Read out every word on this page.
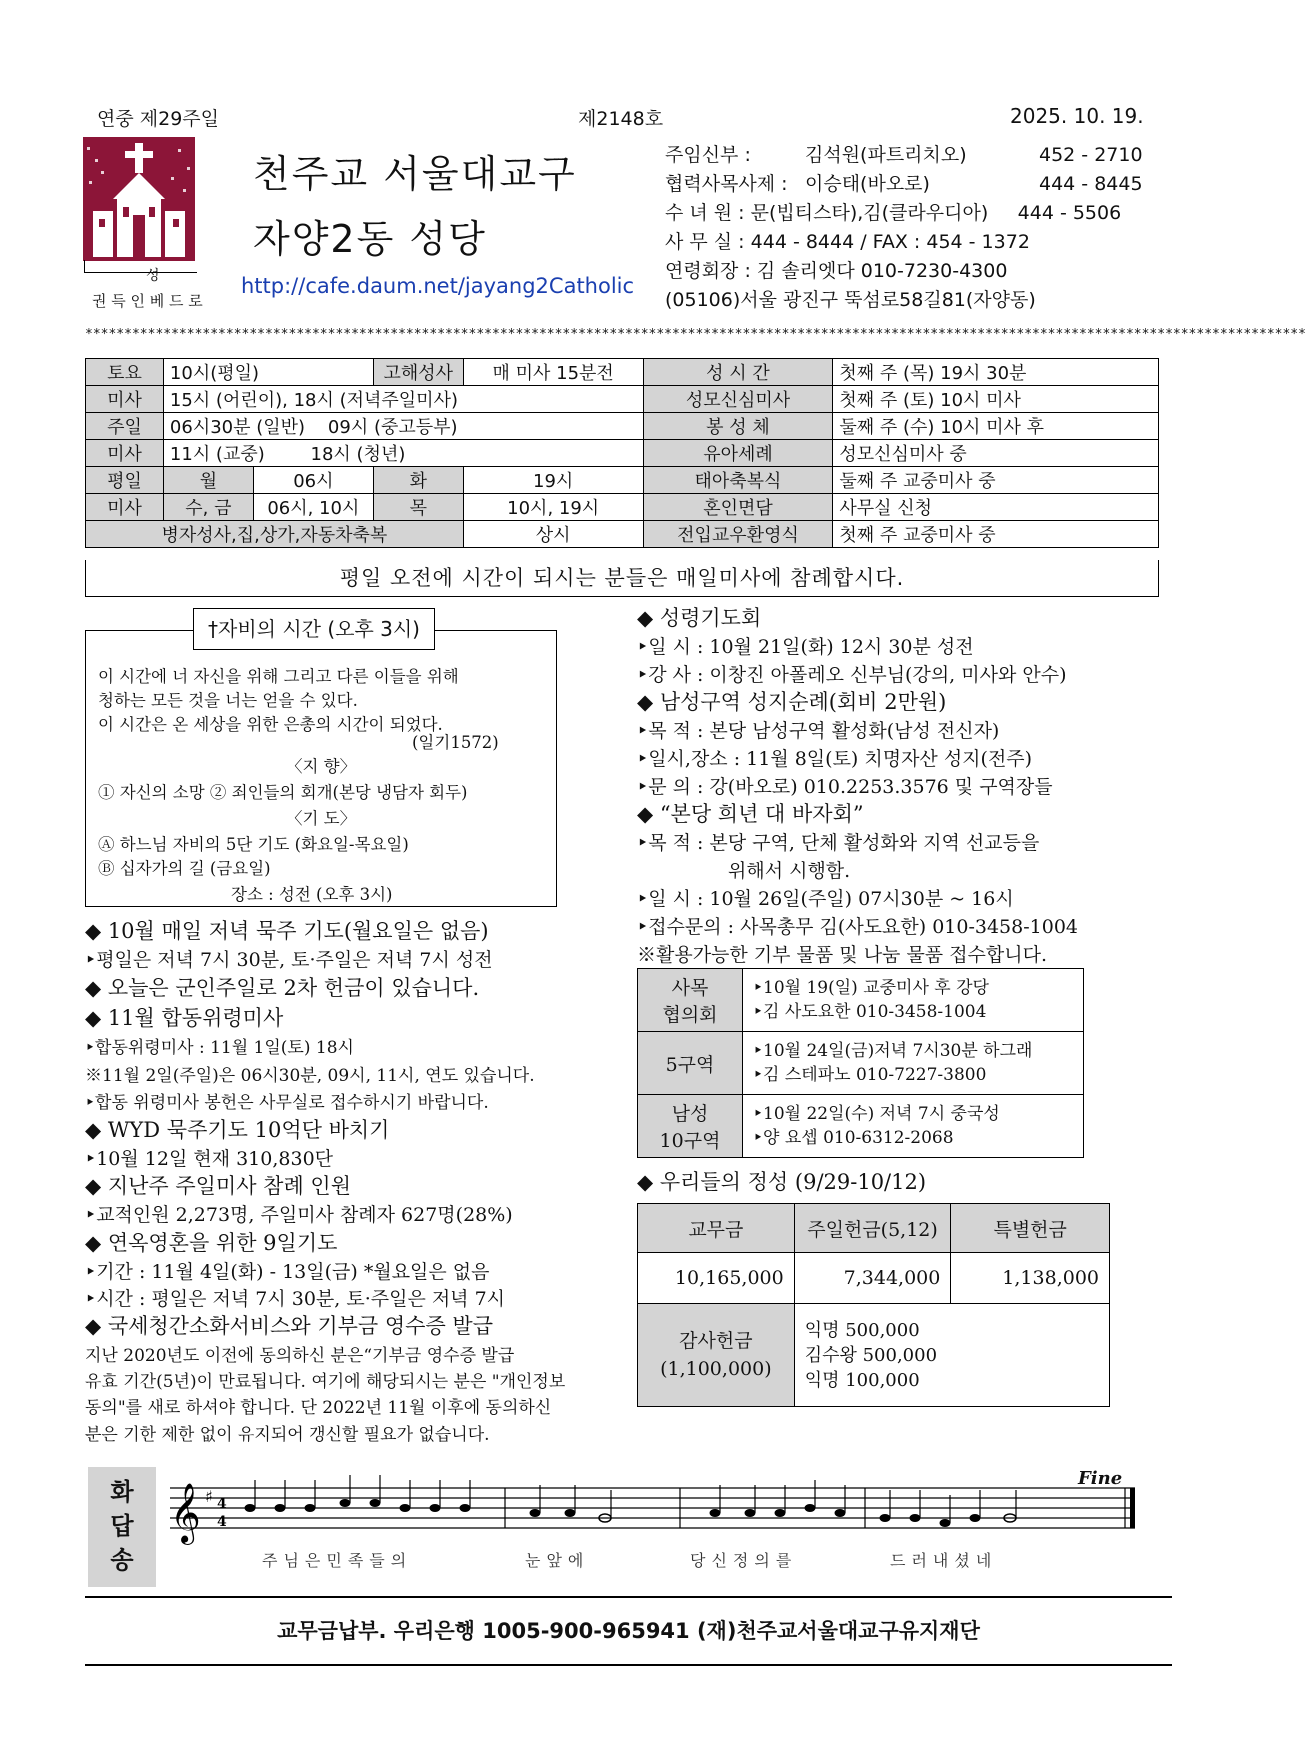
연중 제29주일	제2148호	2025. 10. 19.
성
권 득 인 베 드 로
천주교 서울대교구
자양2동 성당
http://cafe.daum.net/jayang2Catholic
주임신부 :	김석원(파트리치오)	452 - 2710
협력사목사제 : 이승태(바오로)	444 - 8445
수 녀 원 : 문(빕티스타),김(클라우디아) 444 - 5506
사 무 실 : 444 - 8444 / FAX : 454 - 1372
연령회장 : 김 솔리엣다 010-7230-4300
(05106)서울 광진구 뚝섬로58길81(자양동)
************************************************************************************************************************************************************
토요	10시(평일)		고해성사	매 미사 15분전	성 시 간	첫째 주 (목) 19시 30분
미사	15시 (어린이), 18시 (저녁주일미사)				성모신심미사	첫째 주 (토) 10시 미사
주일	06시30분 (일반)    09시 (중고등부)				봉 성 체	둘째 주 (수) 10시 미사 후
미사	11시 (교중)        18시 (청년)				유아세례	성모신심미사 중
평일	월	06시	화	19시	태아축복식	둘째 주 교중미사 중
미사	수, 금	06시, 10시	목	10시, 19시	혼인면담	사무실 신청
병자성사,집,상가,자동차축복				상시	전입교우환영식	첫째 주 교중미사 중
평일 오전에 시간이 되시는 분들은 매일미사에 참례합시다.
이 시간에 너 자신을 위해 그리고 다른 이들을 위해
청하는 모든 것을 너는 얻을 수 있다.
이 시간은 온 세상을 위한 은총의 시간이 되었다.
(일기1572)
〈지 향〉
① 자신의 소망 ② 죄인들의 회개(본당 냉담자 회두)
〈기 도〉
Ⓐ 하느님 자비의 5단 기도 (화요일-목요일)
Ⓑ 십자가의 길 (금요일)
장소 : 성전 (오후 3시)
†자비의 시간 (오후 3시)
◆ 10월 매일 저녁 묵주 기도(월요일은 없음)
‣평일은 저녁 7시 30분, 토·주일은 저녁 7시 성전
◆ 오늘은 군인주일로 2차 헌금이 있습니다.
◆ 11월 합동위령미사
‣합동위령미사 : 11월 1일(토) 18시
※11월 2일(주일)은 06시30분, 09시, 11시, 연도 있습니다.
‣합동 위령미사 봉헌은 사무실로 접수하시기 바랍니다.
◆ WYD 묵주기도 10억단 바치기
‣10월 12일 현재 310,830단
◆ 지난주 주일미사 참례 인원
‣교적인원 2,273명, 주일미사 참례자 627명(28%)
◆ 연옥영혼을 위한 9일기도
‣기간 : 11월 4일(화) - 13일(금) *월요일은 없음
‣시간 : 평일은 저녁 7시 30분, 토·주일은 저녁 7시
◆ 국세청간소화서비스와 기부금 영수증 발급
지난 2020년도 이전에 동의하신 분은“기부금 영수증 발급
유효 기간(5년)이 만료됩니다. 여기에 해당되시는 분은 "개인정보
동의"를 새로 하셔야 합니다. 단 2022년 11월 이후에 동의하신
분은 기한 제한 없이 유지되어 갱신할 필요가 없습니다.
◆ 성령기도회
‣일 시 : 10월 21일(화) 12시 30분 성전
‣강 사 : 이창진 아폴레오 신부님(강의, 미사와 안수)
◆ 남성구역 성지순례(회비 2만원)
‣목 적 : 본당 남성구역 활성화(남성 전신자)
‣일시,장소 : 11월 8일(토) 치명자산 성지(전주)
‣문 의 : 강(바오로) 010.2253.3576 및 구역장들
◆ “본당 희년 대 바자회”
‣목 적 : 본당 구역, 단체 활성화와 지역 선교등을
위해서 시행함.
‣일 시 : 10월 26일(주일) 07시30분 ~ 16시
‣접수문의 : 사목총무 김(사도요한) 010-3458-1004
※활용가능한 기부 물품 및 나눔 물품 접수합니다.
사목
협의회	‣10월 19(일) 교중미사 후 강당
‣김 사도요한 010-3458-1004
5구역	‣10월 24일(금)저녁 7시30분 하그래
‣김 스테파노 010-7227-3800
남성
10구역	‣10월 22일(수) 저녁 7시 중국성
‣양 요셉 010-6312-2068
◆ 우리들의 정성 (9/29-10/12)
교무금	주일헌금(5,12)	특별헌금
10,165,000	7,344,000	1,138,000
감사헌금
(1,100,000)	익명 500,000
김수왕 500,000
익명 100,000	
화답송
Fine
𝄞 ♯ 4
4
주님은민족들의	눈앞에	당신정의를	드러내셨네
교무금납부. 우리은행 1005-900-965941 (재)천주교서울대교구유지재단
